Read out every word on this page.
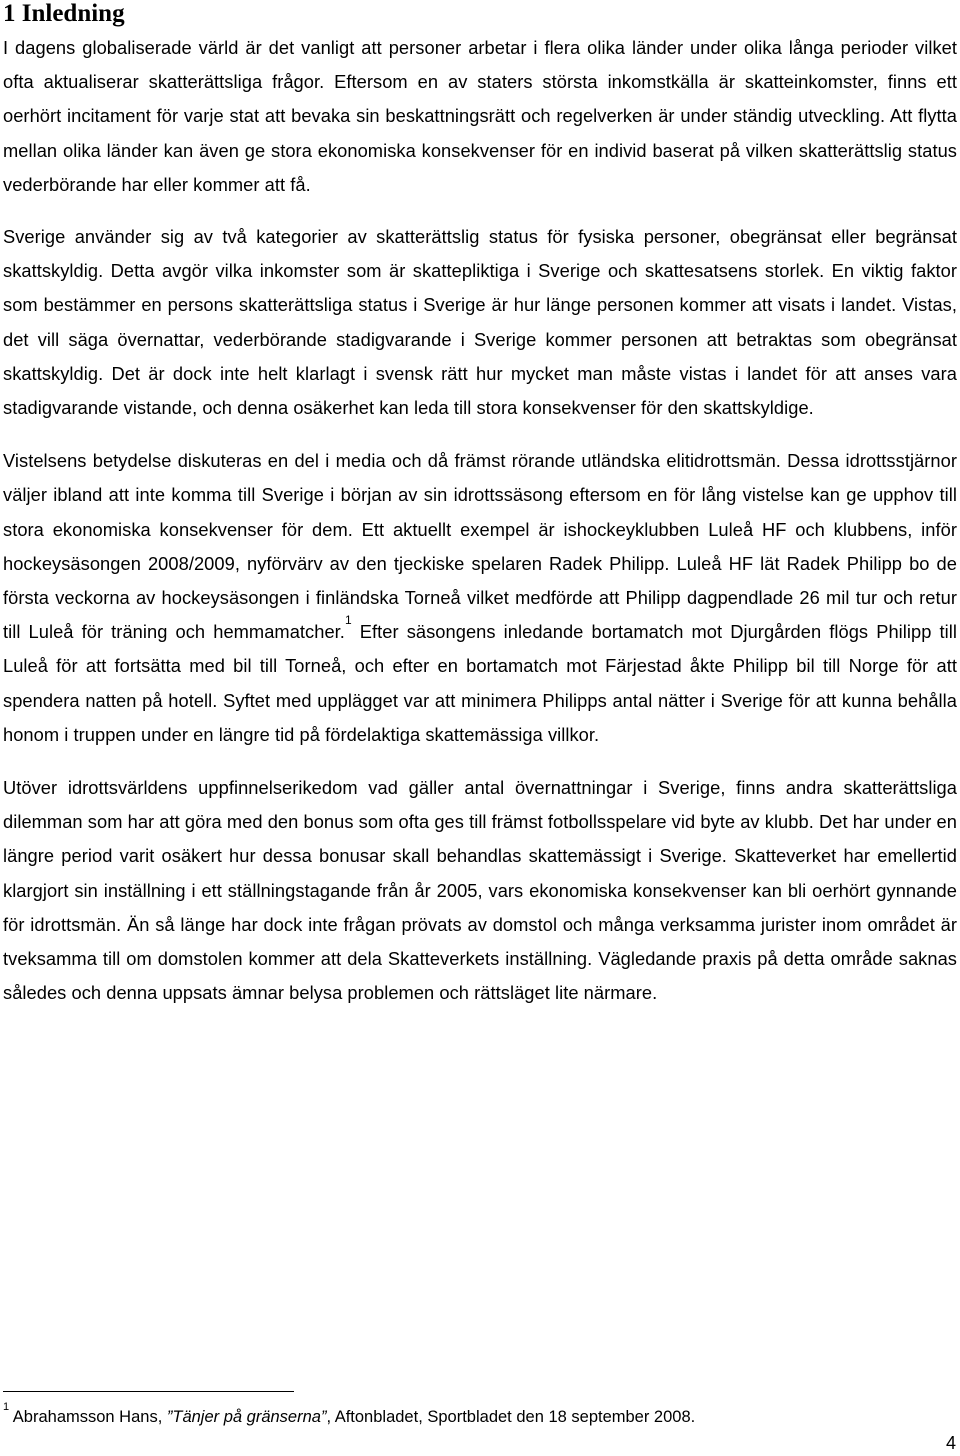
1 Inledning

I dagens globaliserade värld är det vanligt att personer arbetar i flera olika länder under olika långa perioder vilket ofta aktualiserar skatterättsliga frågor. Eftersom en av staters största inkomstkälla är skatteinkomster, finns ett oerhört incitament för varje stat att bevaka sin beskattningsrätt och regelverken är under ständig utveckling. Att flytta mellan olika länder kan även ge stora ekonomiska konsekvenser för en individ baserat på vilken skatterättslig status vederbörande har eller kommer att få.

Sverige använder sig av två kategorier av skatterättslig status för fysiska personer, obegränsat eller begränsat skattskyldig. Detta avgör vilka inkomster som är skattepliktiga i Sverige och skattesatsens storlek. En viktig faktor som bestämmer en persons skatterättsliga status i Sverige är hur länge personen kommer att visats i landet. Vistas, det vill säga övernattar, vederbörande stadigvarande i Sverige kommer personen att betraktas som obegränsat skattskyldig. Det är dock inte helt klarlagt i svensk rätt hur mycket man måste vistas i landet för att anses vara stadigvarande vistande, och denna osäkerhet kan leda till stora konsekvenser för den skattskyldige.

Vistelsens betydelse diskuteras en del i media och då främst rörande utländska elitidrottsmän. Dessa idrottsstjärnor väljer ibland att inte komma till Sverige i början av sin idrottssäsong eftersom en för lång vistelse kan ge upphov till stora ekonomiska konsekvenser för dem. Ett aktuellt exempel är ishockeyklubben Luleå HF och klubbens, inför hockeysäsongen 2008/2009, nyförvärv av den tjeckiske spelaren Radek Philipp. Luleå HF lät Radek Philipp bo de första veckorna av hockeysäsongen i finländska Torneå vilket medförde att Philipp dagpendlade 26 mil tur och retur till Luleå för träning och hemmamatcher.$^1$ Efter säsongens inledande bortamatch mot Djurgården flögs Philipp till Luleå för att fortsätta med bil till Torneå, och efter en bortamatch mot Färjestad åkte Philipp bil till Norge för att spendera natten på hotell. Syftet med upplägget var att minimera Philipps antal nätter i Sverige för att kunna behålla honom i truppen under en längre tid på fördelaktiga skattemässiga villkor.

Utöver idrottsvärldens uppfinnelserikedom vad gäller antal övernattningar i Sverige, finns andra skatterättsliga dilemman som har att göra med den bonus som ofta ges till främst fotbollsspelare vid byte av klubb. Det har under en längre period varit osäkert hur dessa bonusar skall behandlas skattemässigt i Sverige. Skatteverket har emellertid klargjort sin inställning i ett ställningstagande från år 2005, vars ekonomiska konsekvenser kan bli oerhört gynnande för idrottsmän. Än så länge har dock inte frågan prövats av domstol och många verksamma jurister inom området är tveksamma till om domstolen kommer att dela Skatteverkets inställning. Vägledande praxis på detta område saknas således och denna uppsats ämnar belysa problemen och rättsläget lite närmare.

$^1$ Abrahamsson Hans, ”Tänjer på gränserna”, Aftonbladet, Sportbladet den 18 september 2008.
4
